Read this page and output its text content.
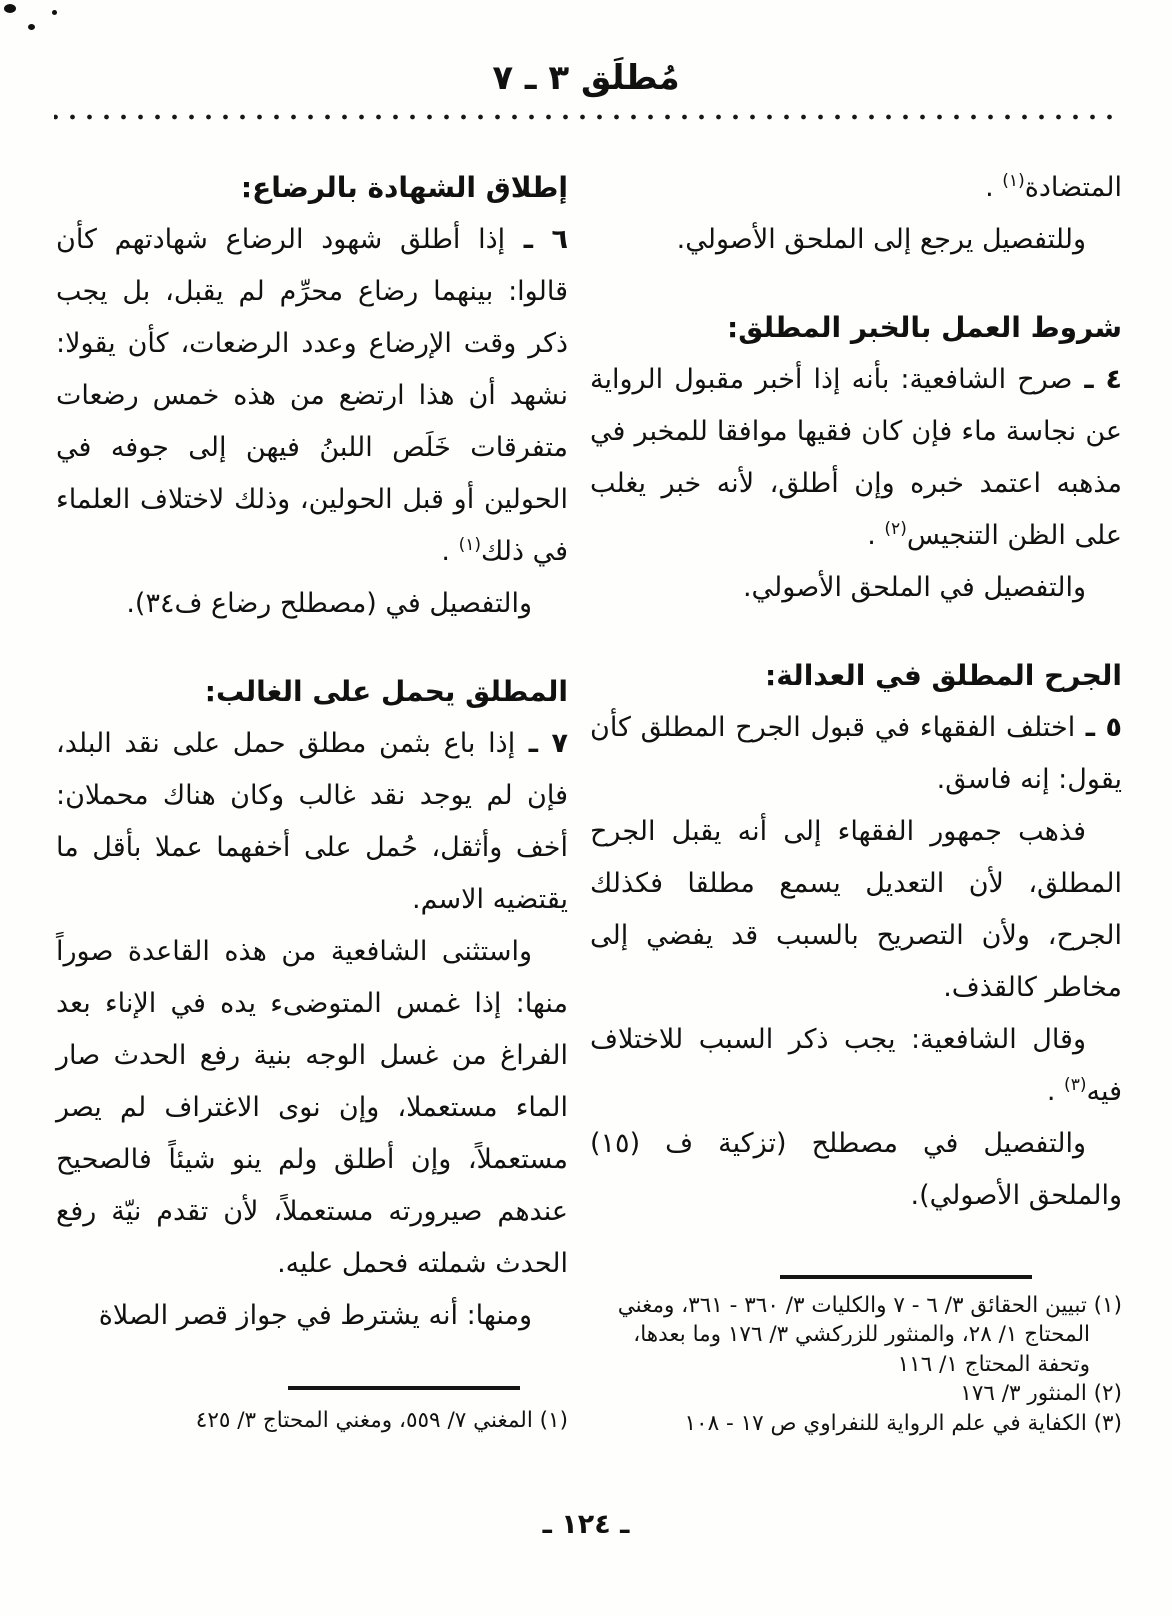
مُطلَق ٣ ـ ٧
المتضادة$^{(١)}$ .
وللتفصيل يرجع إلى الملحق الأصولي.
شروط العمل بالخبر المطلق:
٤ ـ صرح الشافعية: بأنه إذا أخبر مقبول الرواية عن نجاسة ماء فإن كان فقيها موافقا للمخبر في مذهبه اعتمد خبره وإن أطلق، لأنه خبر يغلب على الظن التنجيس$^{(٢)}$ .
والتفصيل في الملحق الأصولي.
الجرح المطلق في العدالة:
٥ ـ اختلف الفقهاء في قبول الجرح المطلق كأن يقول: إنه فاسق.
فذهب جمهور الفقهاء إلى أنه يقبل الجرح المطلق، لأن التعديل يسمع مطلقا فكذلك الجرح، ولأن التصريح بالسبب قد يفضي إلى مخاطر كالقذف.
وقال الشافعية: يجب ذكر السبب للاختلاف فيه$^{(٣)}$ .
والتفصيل في مصطلح (تزكية ف (١٥) والملحق الأصولي).
(١) تبيين الحقائق ٣/ ٦ - ٧ والكليات ٣/ ٣٦٠ - ٣٦١، ومغني المحتاج ١/ ٢٨، والمنثور للزركشي ٣/ ١٧٦ وما بعدها، وتحفة المحتاج ١/ ١١٦
(٢) المنثور ٣/ ١٧٦
(٣) الكفاية في علم الرواية للنفراوي ص ١٧ - ١٠٨
إطلاق الشهادة بالرضاع:
٦ ـ إذا أطلق شهود الرضاع شهادتهم كأن قالوا: بينهما رضاع محرِّم لم يقبل، بل يجب ذكر وقت الإرضاع وعدد الرضعات، كأن يقولا: نشهد أن هذا ارتضع من هذه خمس رضعات متفرقات خَلَص اللبنُ فيهن إلى جوفه في الحولين أو قبل الحولين، وذلك لاختلاف العلماء في ذلك$^{(١)}$ .
والتفصيل في (مصطلح رضاع ف٣٤).
المطلق يحمل على الغالب:
٧ ـ إذا باع بثمن مطلق حمل على نقد البلد، فإن لم يوجد نقد غالب وكان هناك محملان: أخف وأثقل، حُمل على أخفهما عملا بأقل ما يقتضيه الاسم.
واستثنى الشافعية من هذه القاعدة صوراً منها: إذا غمس المتوضىء يده في الإناء بعد الفراغ من غسل الوجه بنية رفع الحدث صار الماء مستعملا، وإن نوى الاغتراف لم يصر مستعملاً، وإن أطلق ولم ينو شيئاً فالصحيح عندهم صيرورته مستعملاً، لأن تقدم نيّة رفع الحدث شملته فحمل عليه.
ومنها: أنه يشترط في جواز قصر الصلاة
(١) المغني ٧/ ٥٥٩، ومغني المحتاج ٣/ ٤٢٥
ـ ١٢٤ ـ
